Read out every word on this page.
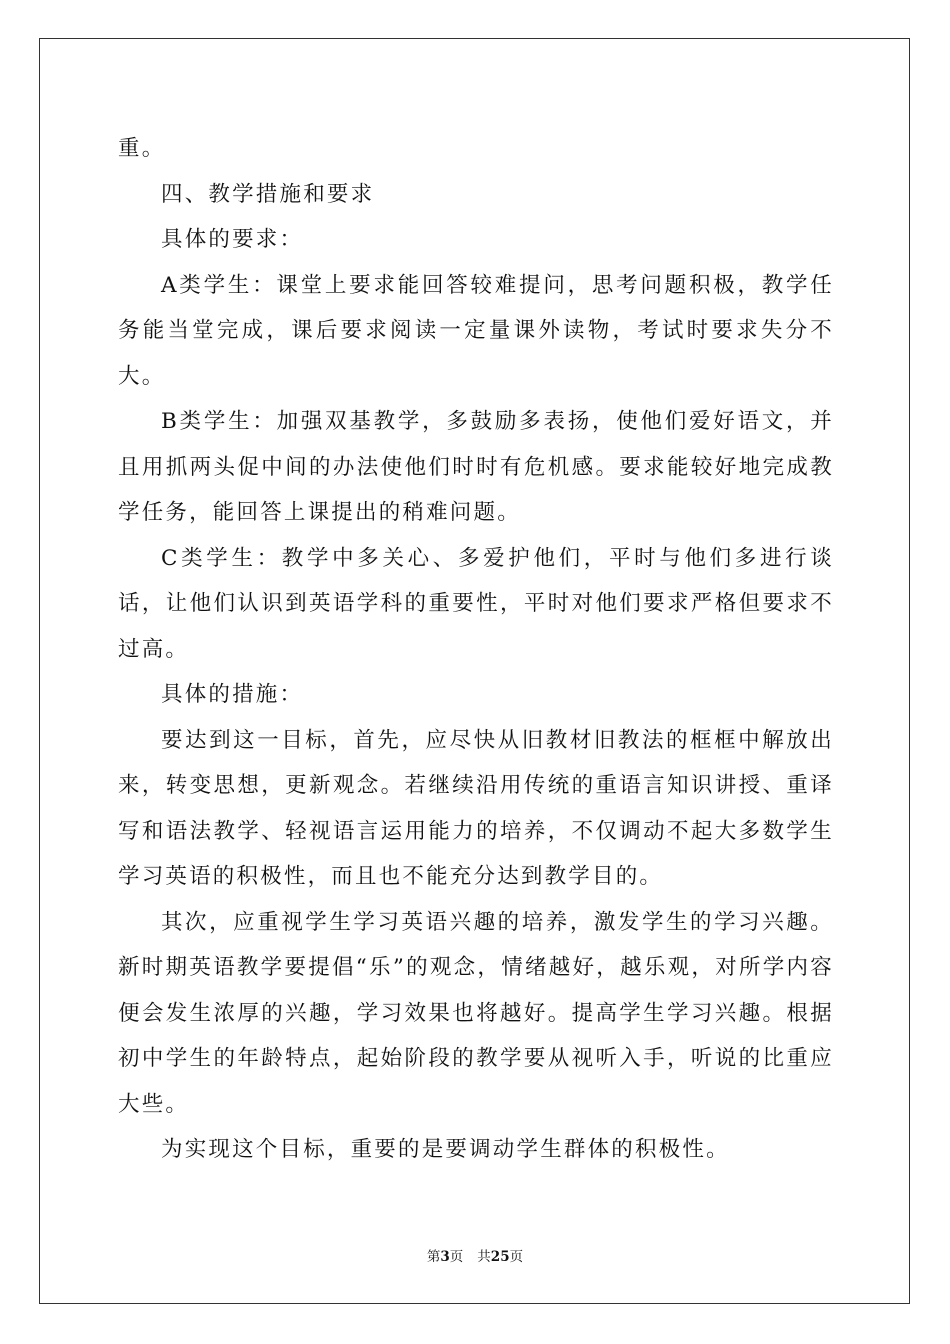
重。

四、教学措施和要求

具体的要求：

A类学生：课堂上要求能回答较难提问，思考问题积极，教学任务能当堂完成，课后要求阅读一定量课外读物，考试时要求失分不大。

B类学生：加强双基教学，多鼓励多表扬，使他们爱好语文，并且用抓两头促中间的办法使他们时时有危机感。要求能较好地完成教学任务，能回答上课提出的稍难问题。

C类学生：教学中多关心、多爱护他们，平时与他们多进行谈话，让他们认识到英语学科的重要性，平时对他们要求严格但要求不过高。

具体的措施：

要达到这一目标，首先，应尽快从旧教材旧教法的框框中解放出来，转变思想，更新观念。若继续沿用传统的重语言知识讲授、重译写和语法教学、轻视语言运用能力的培养，不仅调动不起大多数学生学习英语的积极性，而且也不能充分达到教学目的。

其次，应重视学生学习英语兴趣的培养，激发学生的学习兴趣。新时期英语教学要提倡“乐”的观念，情绪越好，越乐观，对所学内容便会发生浓厚的兴趣，学习效果也将越好。提高学生学习兴趣。根据初中学生的年龄特点，起始阶段的教学要从视听入手，听说的比重应大些。

为实现这个目标，重要的是要调动学生群体的积极性。

第3页 共25页
